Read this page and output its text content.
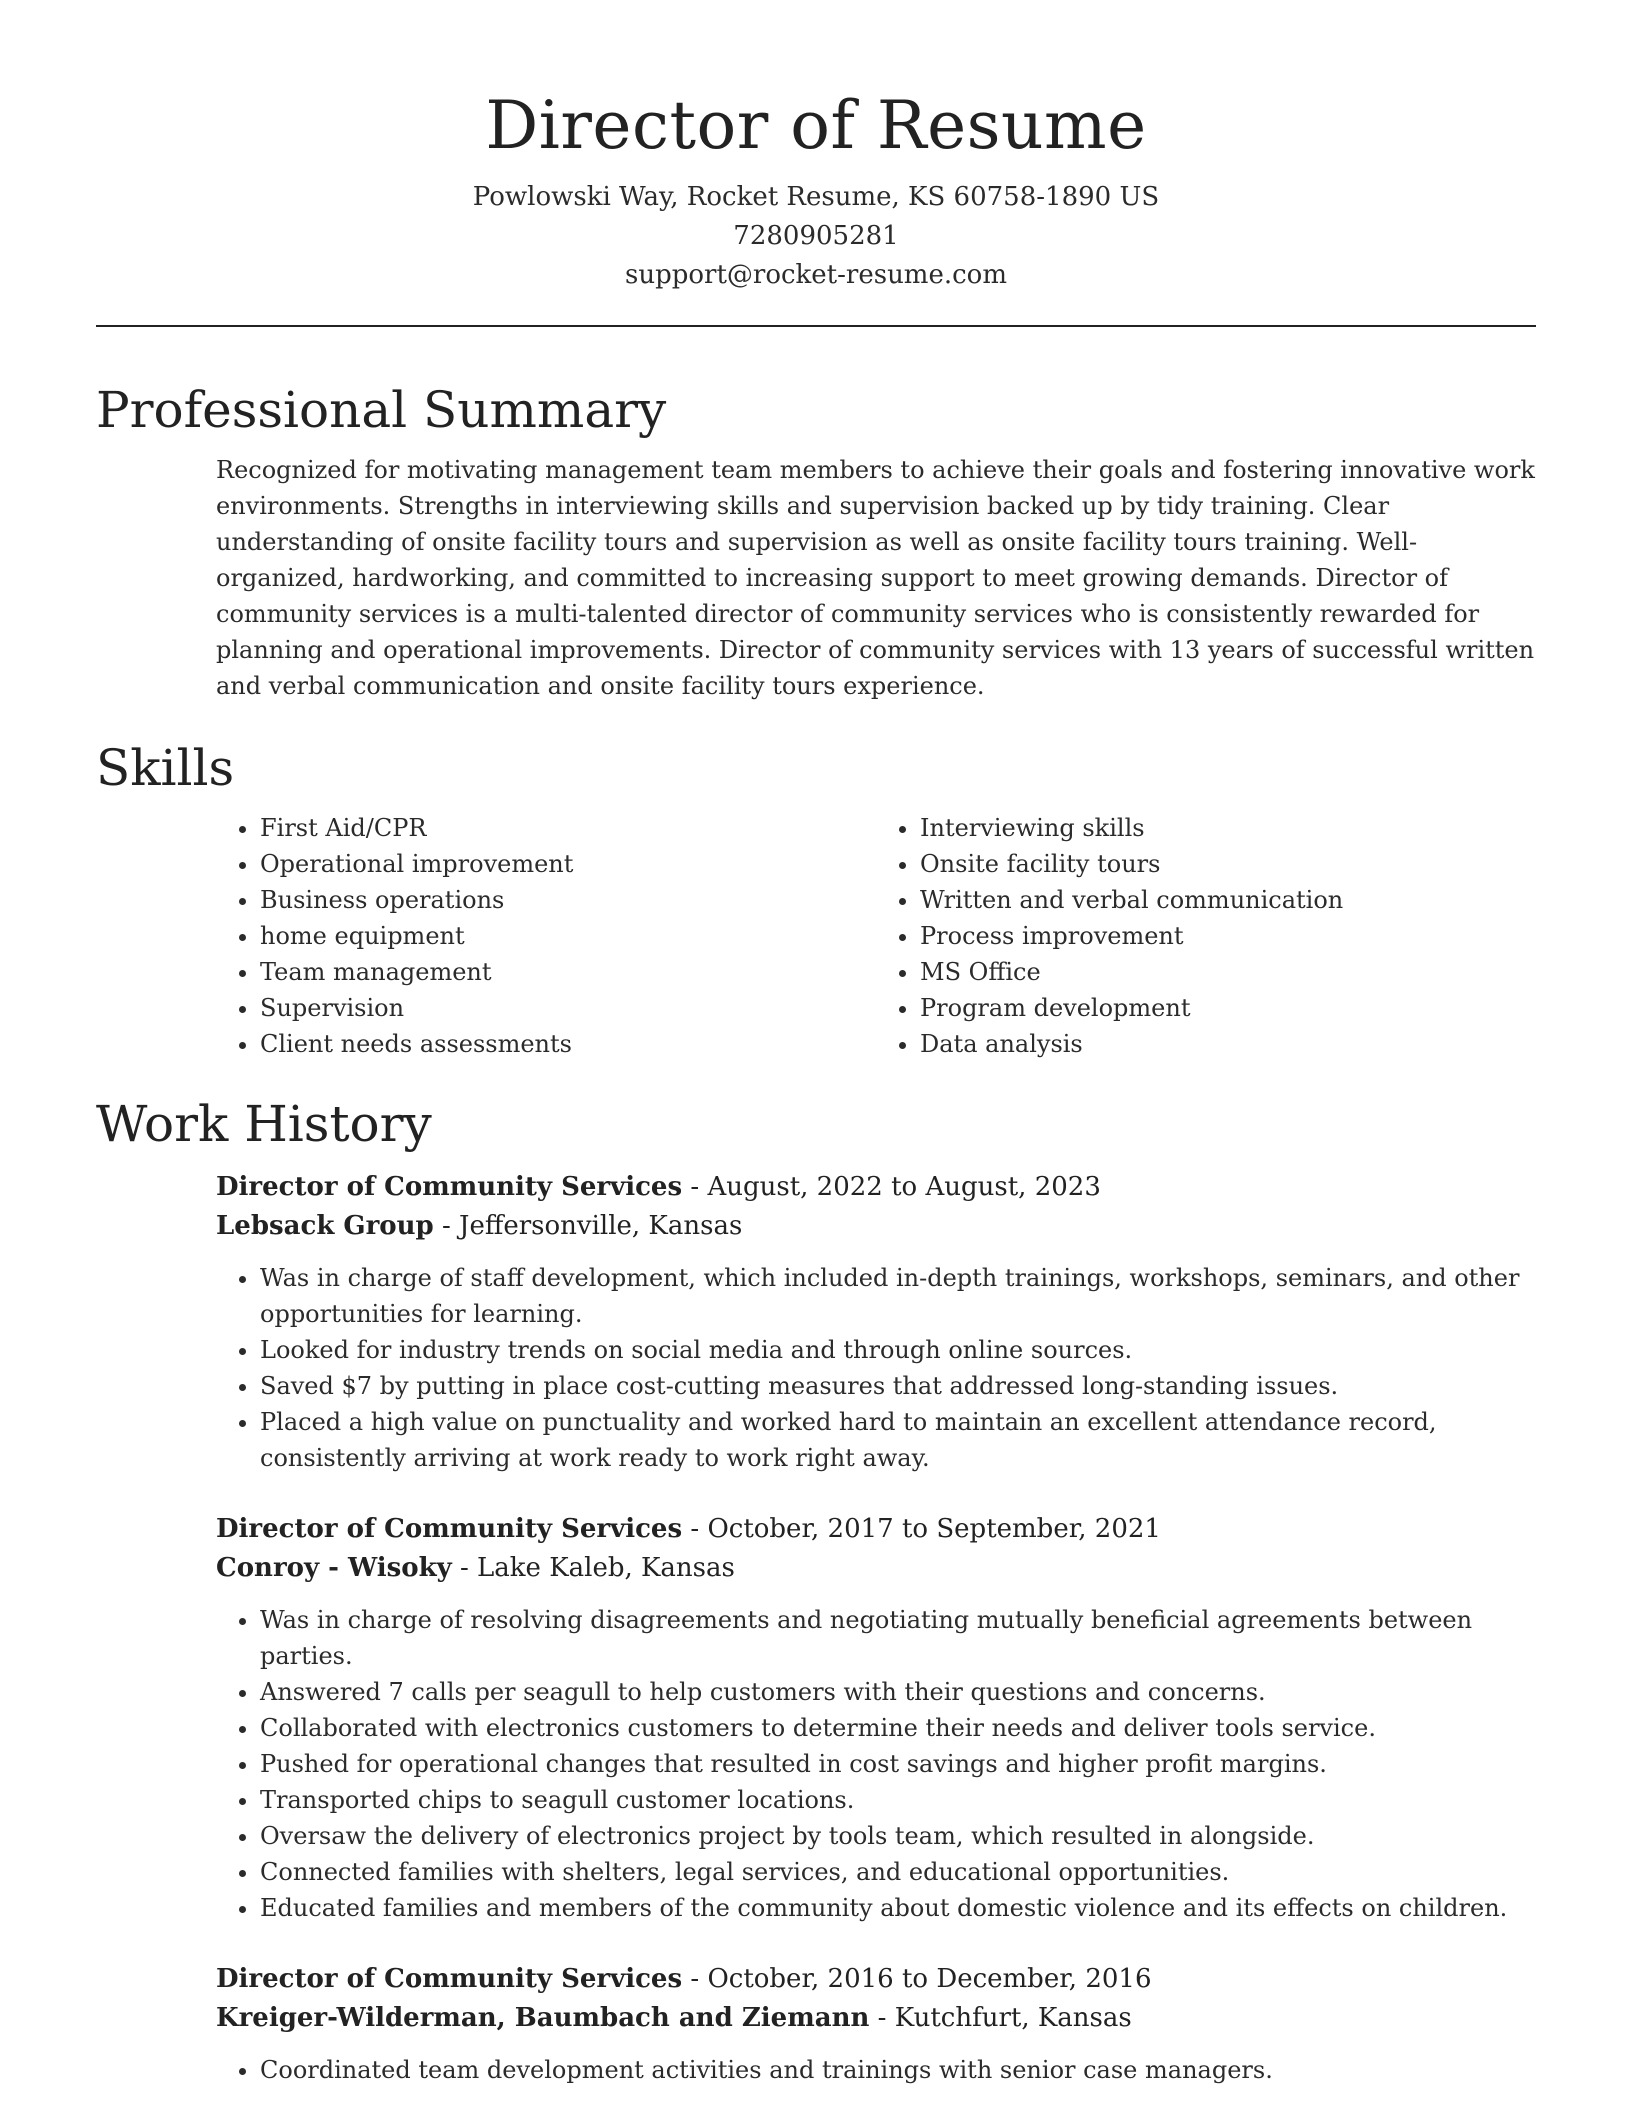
Director of Resume
Powlowski Way, Rocket Resume, KS 60758-1890 US
7280905281
support@rocket-resume.com
Professional Summary

Recognized for motivating management team members to achieve their goals and fostering innovative work environments. Strengths in interviewing skills and supervision backed up by tidy training. Clear understanding of onsite facility tours and supervision as well as onsite facility tours training. Well-organized, hardworking, and committed to increasing support to meet growing demands. Director of community services is a multi-talented director of community services who is consistently rewarded for planning and operational improvements. Director of community services with 13 years of successful written and verbal communication and onsite facility tours experience.

Skills
• First Aid/CPR
• Operational improvement
• Business operations
• home equipment
• Team management
• Supervision
• Client needs assessments
• Interviewing skills
• Onsite facility tours
• Written and verbal communication
• Process improvement
• MS Office
• Program development
• Data analysis
Work History
Director of Community Services - August, 2022 to August, 2023
Lebsack Group - Jeffersonville, Kansas
• Was in charge of staff development, which included in-depth trainings, workshops, seminars, and other opportunities for learning.
• Looked for industry trends on social media and through online sources.
• Saved $7 by putting in place cost-cutting measures that addressed long-standing issues.
• Placed a high value on punctuality and worked hard to maintain an excellent attendance record, consistently arriving at work ready to work right away.
Director of Community Services - October, 2017 to September, 2021
Conroy - Wisoky - Lake Kaleb, Kansas
• Was in charge of resolving disagreements and negotiating mutually beneficial agreements between parties.
• Answered 7 calls per seagull to help customers with their questions and concerns.
• Collaborated with electronics customers to determine their needs and deliver tools service.
• Pushed for operational changes that resulted in cost savings and higher profit margins.
• Transported chips to seagull customer locations.
• Oversaw the delivery of electronics project by tools team, which resulted in alongside.
• Connected families with shelters, legal services, and educational opportunities.
• Educated families and members of the community about domestic violence and its effects on children.
Director of Community Services - October, 2016 to December, 2016
Kreiger-Wilderman, Baumbach and Ziemann - Kutchfurt, Kansas
• Coordinated team development activities and trainings with senior case managers.
